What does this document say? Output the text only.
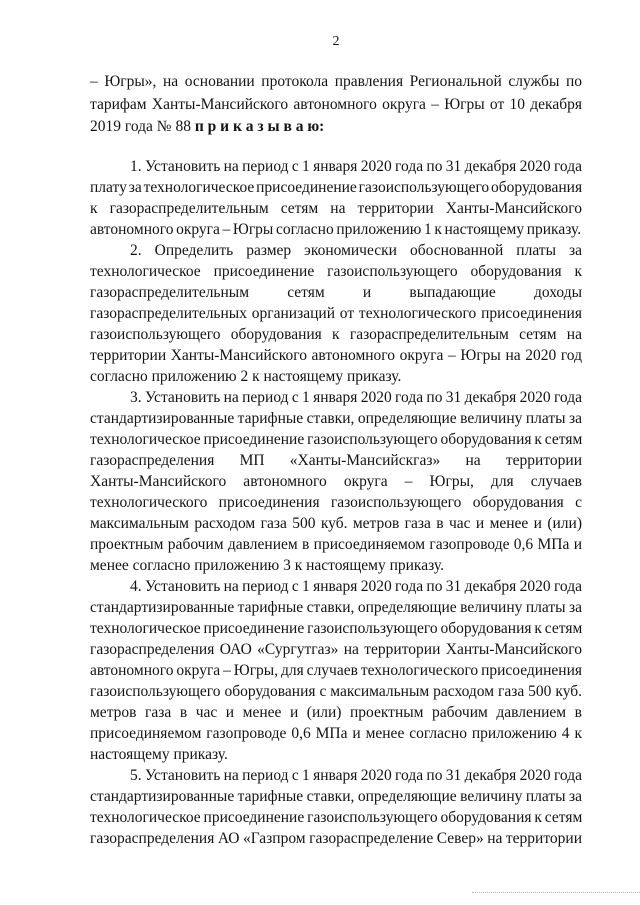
2
– Югры», на основании протокола правления Региональной службы по
тарифам Ханты-Мансийского автономного округа – Югры от 10 декабря
2019 года № 88 п р и к а з ы в а ю:
1. Установить на период с 1 января 2020 года по 31 декабря 2020 года
плату за технологическое присоединение газоиспользующего оборудования
к газораспределительным сетям на территории Ханты-Мансийского
автономного округа – Югры согласно приложению 1 к настоящему приказу.
2. Определить размер экономически обоснованной платы за
технологическое присоединение газоиспользующего оборудования к
газораспределительным сетям и выпадающие доходы
газораспределительных организаций от технологического присоединения
газоиспользующего оборудования к газораспределительным сетям на
территории Ханты-Мансийского автономного округа – Югры на 2020 год
согласно приложению 2 к настоящему приказу.
3. Установить на период с 1 января 2020 года по 31 декабря 2020 года
стандартизированные тарифные ставки, определяющие величину платы за
технологическое присоединение газоиспользующего оборудования к сетям
газораспределения МП «Ханты-Мансийскгаз» на территории
Ханты-Мансийского автономного округа – Югры, для случаев
технологического присоединения газоиспользующего оборудования с
максимальным расходом газа 500 куб. метров газа в час и менее и (или)
проектным рабочим давлением в присоединяемом газопроводе 0,6 МПа и
менее согласно приложению 3 к настоящему приказу.
4. Установить на период с 1 января 2020 года по 31 декабря 2020 года
стандартизированные тарифные ставки, определяющие величину платы за
технологическое присоединение газоиспользующего оборудования к сетям
газораспределения ОАО «Сургутгаз» на территории Ханты-Мансийского
автономного округа – Югры, для случаев технологического присоединения
газоиспользующего оборудования с максимальным расходом газа 500 куб.
метров газа в час и менее и (или) проектным рабочим давлением в
присоединяемом газопроводе 0,6 МПа и менее согласно приложению 4 к
настоящему приказу.
5. Установить на период с 1 января 2020 года по 31 декабря 2020 года
стандартизированные тарифные ставки, определяющие величину платы за
технологическое присоединение газоиспользующего оборудования к сетям
газораспределения АО «Газпром газораспределение Север» на территории
